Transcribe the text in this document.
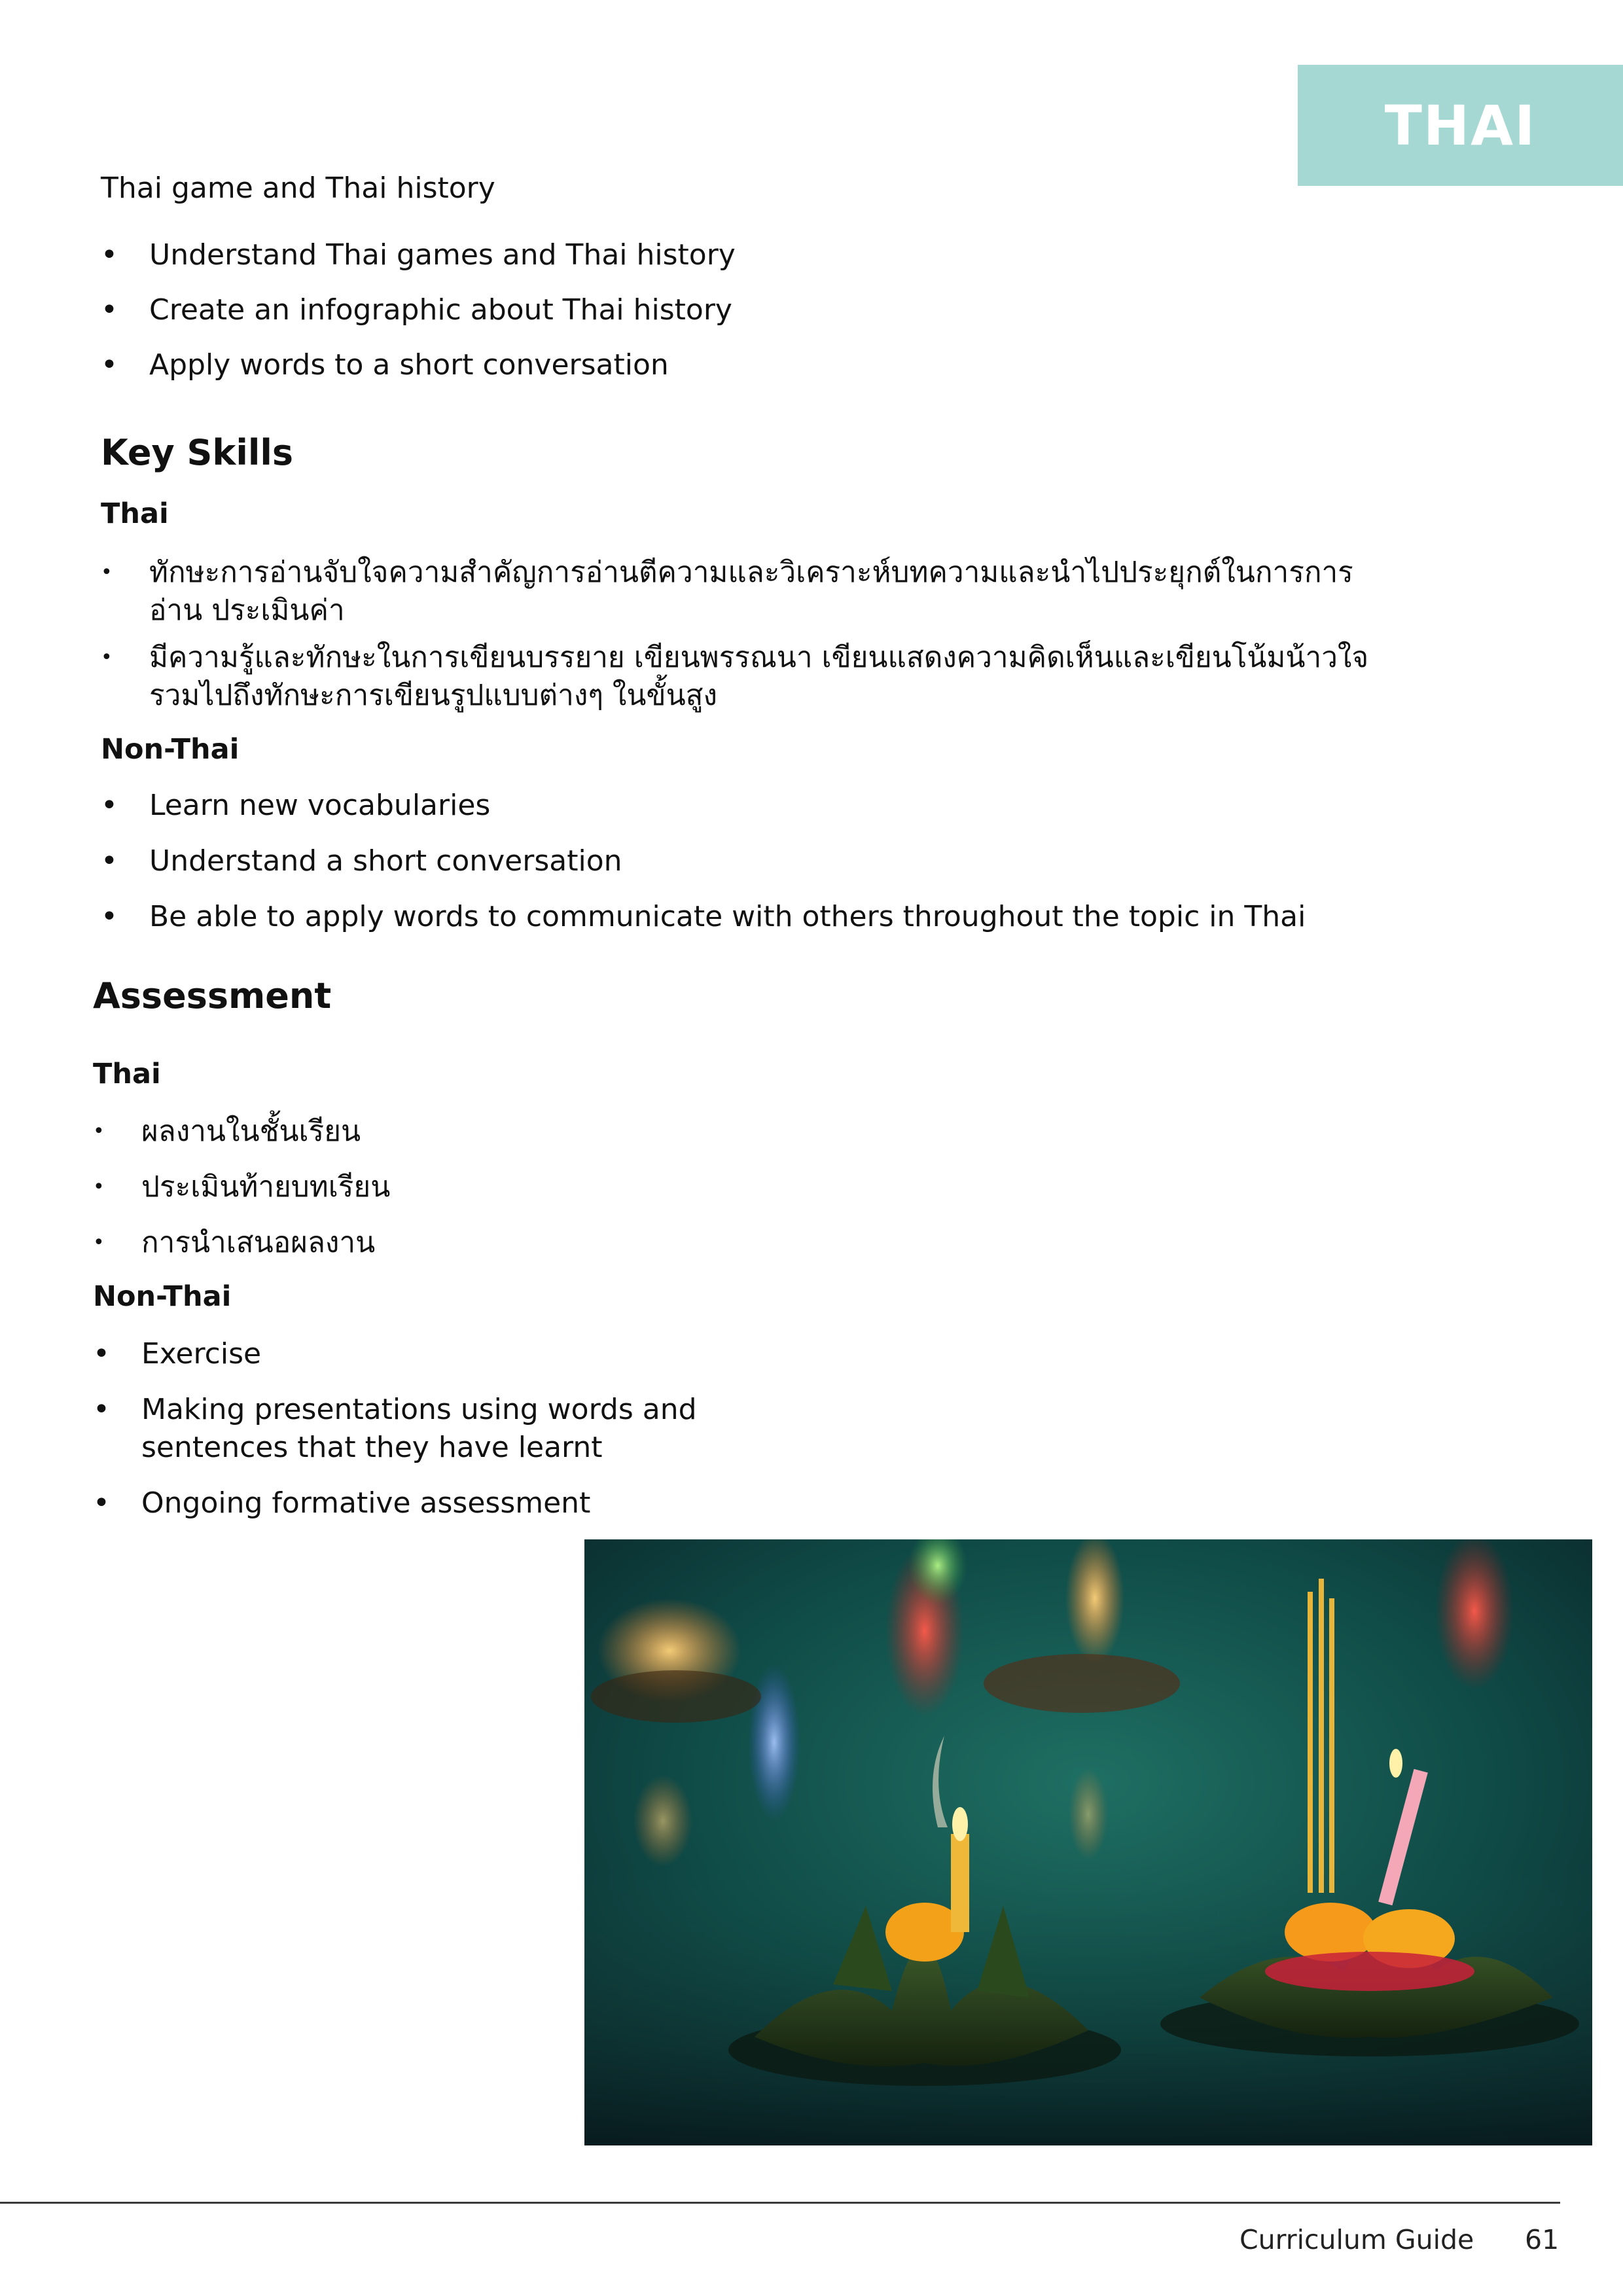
THAI
Thai game and Thai history
• Understand Thai games and Thai history
• Create an infographic about Thai history
• Apply words to a short conversation
Key Skills
Thai
• ทักษะการอ่านจับใจความสำคัญการอ่านตีความและวิเคราะห์บทความและนำไปประยุกต์ในการการอ่าน ประเมินค่า
• มีความรู้และทักษะในการเขียนบรรยาย เขียนพรรณนา เขียนแสดงความคิดเห็นและเขียนโน้มน้าวใจ รวมไปถึงทักษะการเขียนรูปแบบต่างๆ ในขั้นสูง
Non-Thai
• Learn new vocabularies
• Understand a short conversation
• Be able to apply words to communicate with others throughout the topic in Thai
Assessment
Thai
• ผลงานในชั้นเรียน
• ประเมินท้ายบทเรียน
• การนำเสนอผลงาน
Non-Thai
• Exercise
• Making presentations using words and sentences that they have learnt
• Ongoing formative assessment
Curriculum Guide 61
